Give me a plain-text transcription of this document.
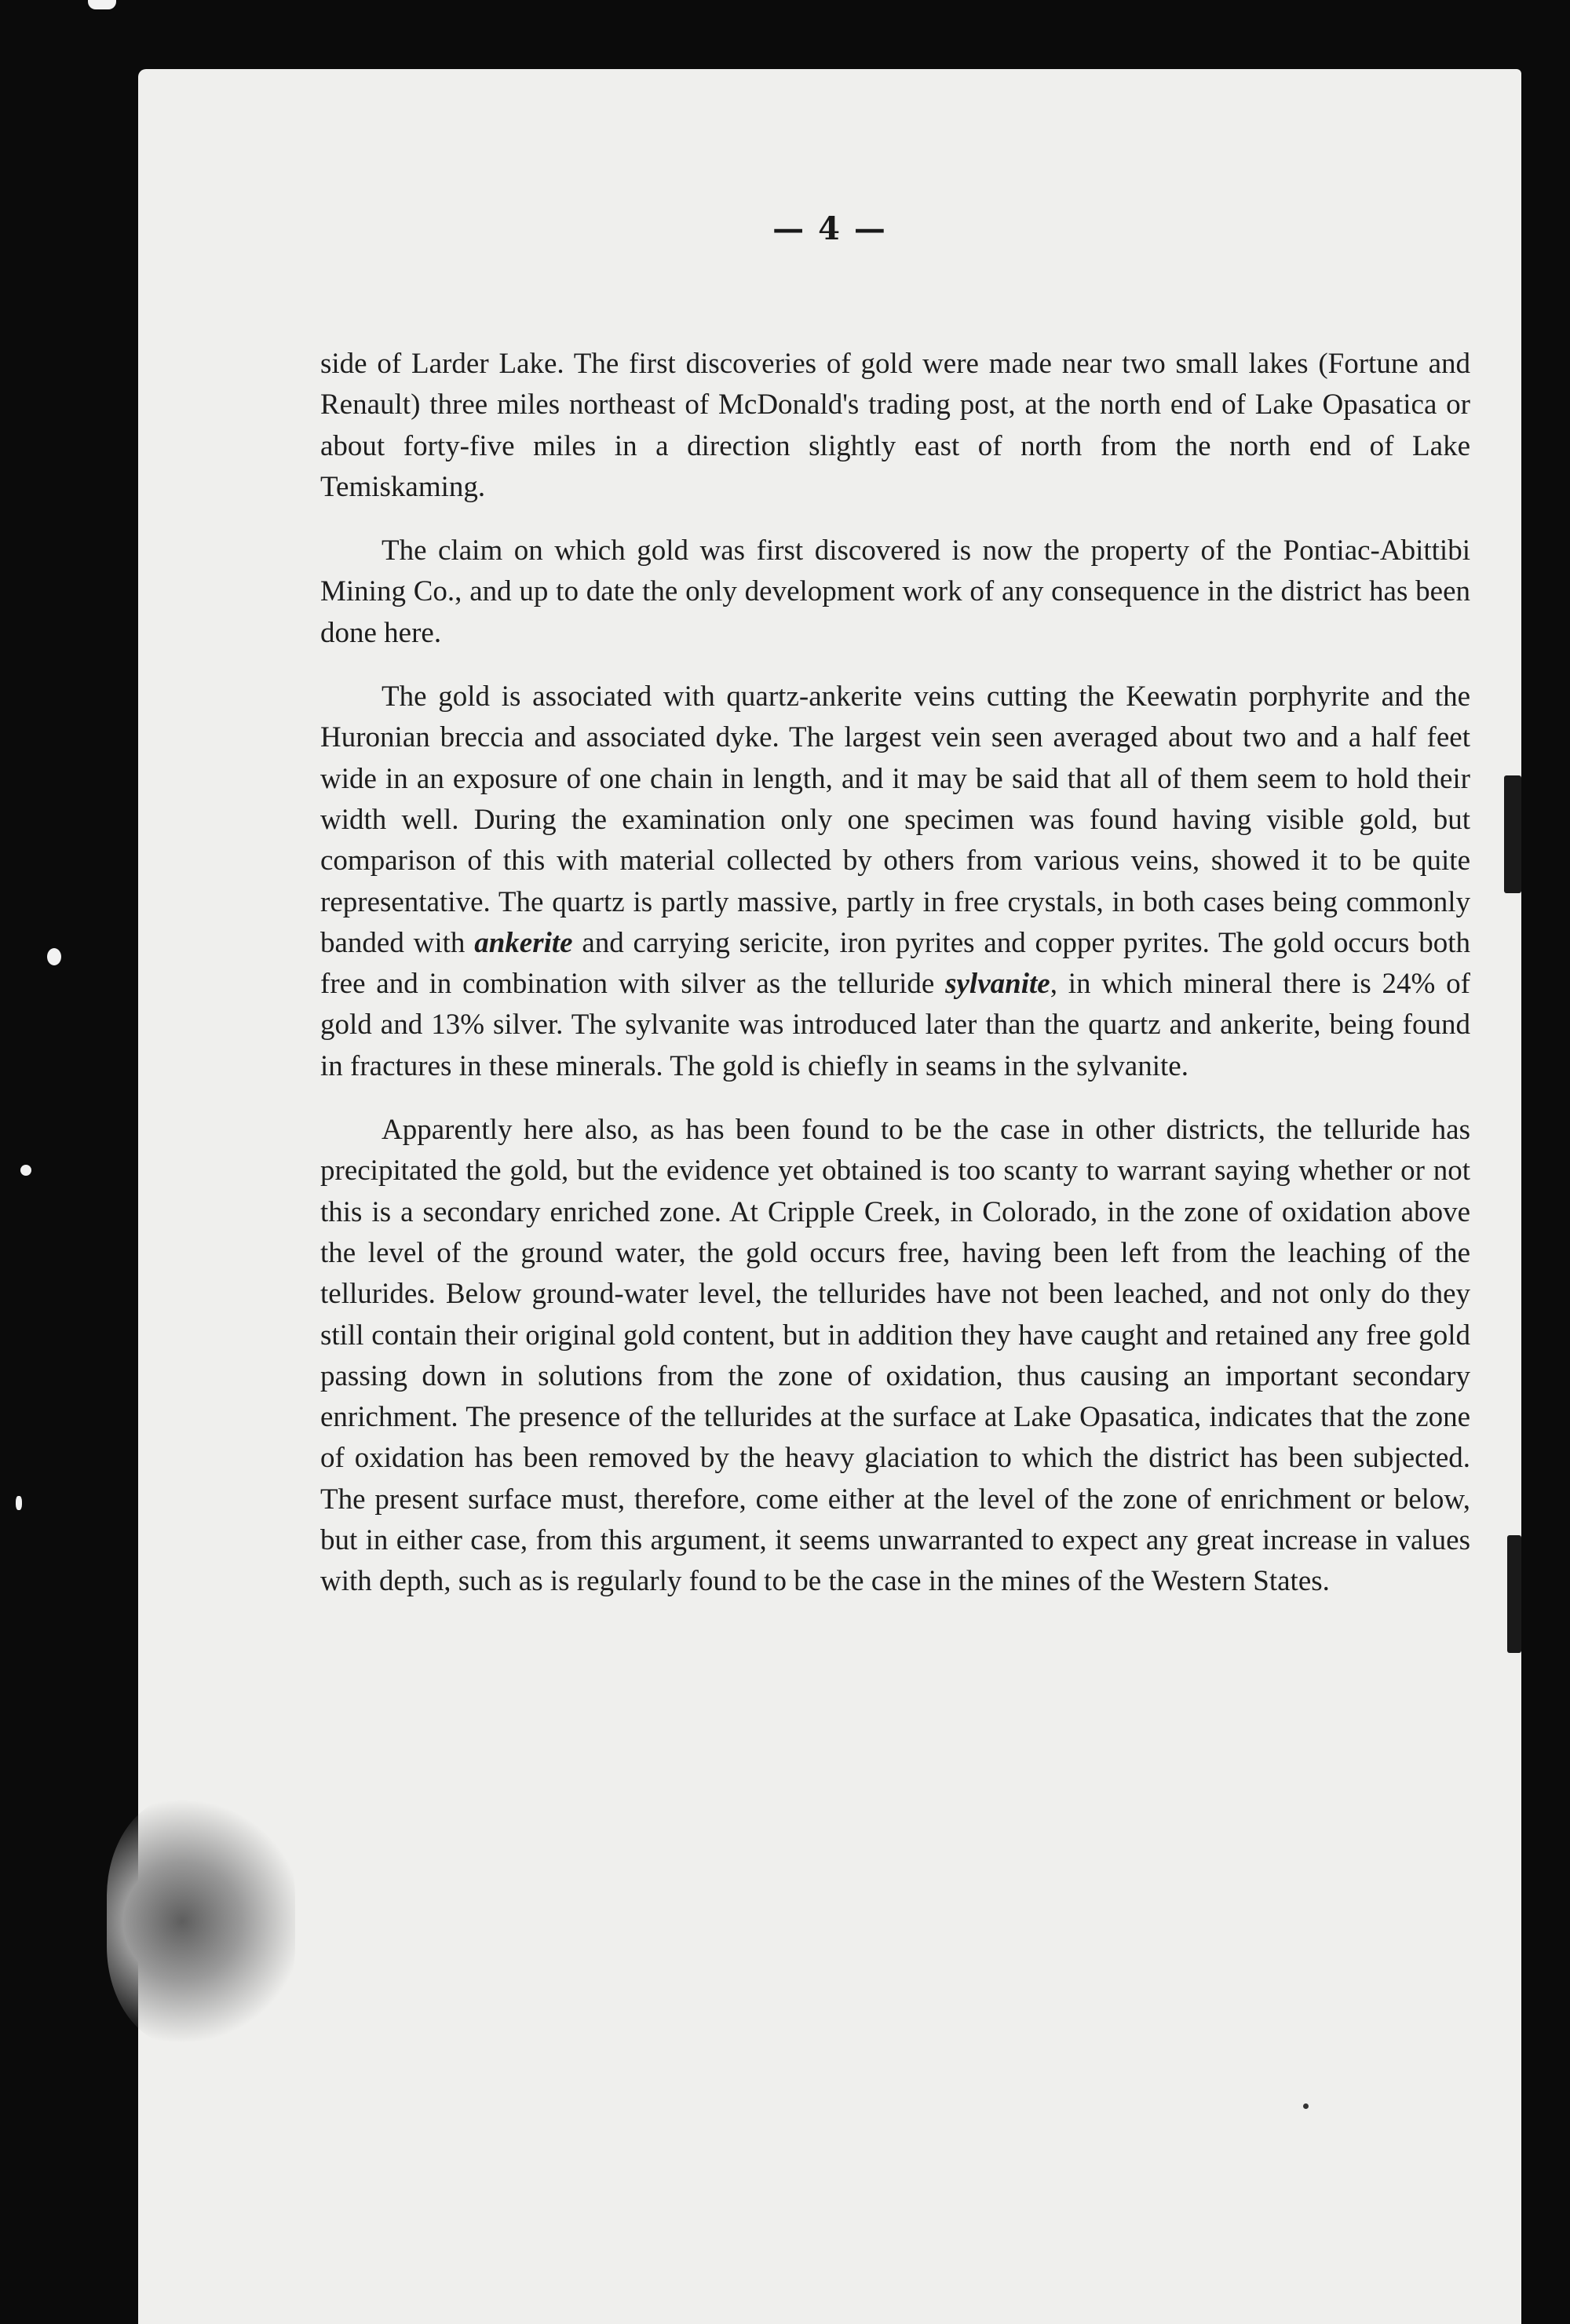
— 4 —

side of Larder Lake. The first discoveries of gold were made near two small lakes (Fortune and Renault) three miles northeast of McDonald's trading post, at the north end of Lake Opasatica or about forty-five miles in a direction slightly east of north from the north end of Lake Temiskaming.

The claim on which gold was first discovered is now the property of the Pontiac-Abittibi Mining Co., and up to date the only development work of any consequence in the district has been done here.

The gold is associated with quartz-ankerite veins cutting the Keewatin porphyrite and the Huronian breccia and associated dyke. The largest vein seen averaged about two and a half feet wide in an exposure of one chain in length, and it may be said that all of them seem to hold their width well. During the examination only one specimen was found having visible gold, but comparison of this with material collected by others from various veins, showed it to be quite representative. The quartz is partly massive, partly in free crystals, in both cases being commonly banded with ankerite and carrying sericite, iron pyrites and copper pyrites. The gold occurs both free and in combination with silver as the telluride sylvanite, in which mineral there is 24% of gold and 13% silver. The sylvanite was introduced later than the quartz and ankerite, being found in fractures in these minerals. The gold is chiefly in seams in the sylvanite.

Apparently here also, as has been found to be the case in other districts, the telluride has precipitated the gold, but the evidence yet obtained is too scanty to warrant saying whether or not this is a secondary enriched zone. At Cripple Creek, in Colorado, in the zone of oxidation above the level of the ground water, the gold occurs free, having been left from the leaching of the tellurides. Below ground-water level, the tellurides have not been leached, and not only do they still contain their original gold content, but in addition they have caught and retained any free gold passing down in solutions from the zone of oxidation, thus causing an important secondary enrichment. The presence of the tellurides at the surface at Lake Opasatica, indicates that the zone of oxidation has been removed by the heavy glaciation to which the district has been subjected. The present surface must, therefore, come either at the level of the zone of enrichment or below, but in either case, from this argument, it seems unwarranted to expect any great increase in values with depth, such as is regularly found to be the case in the mines of the Western States.
